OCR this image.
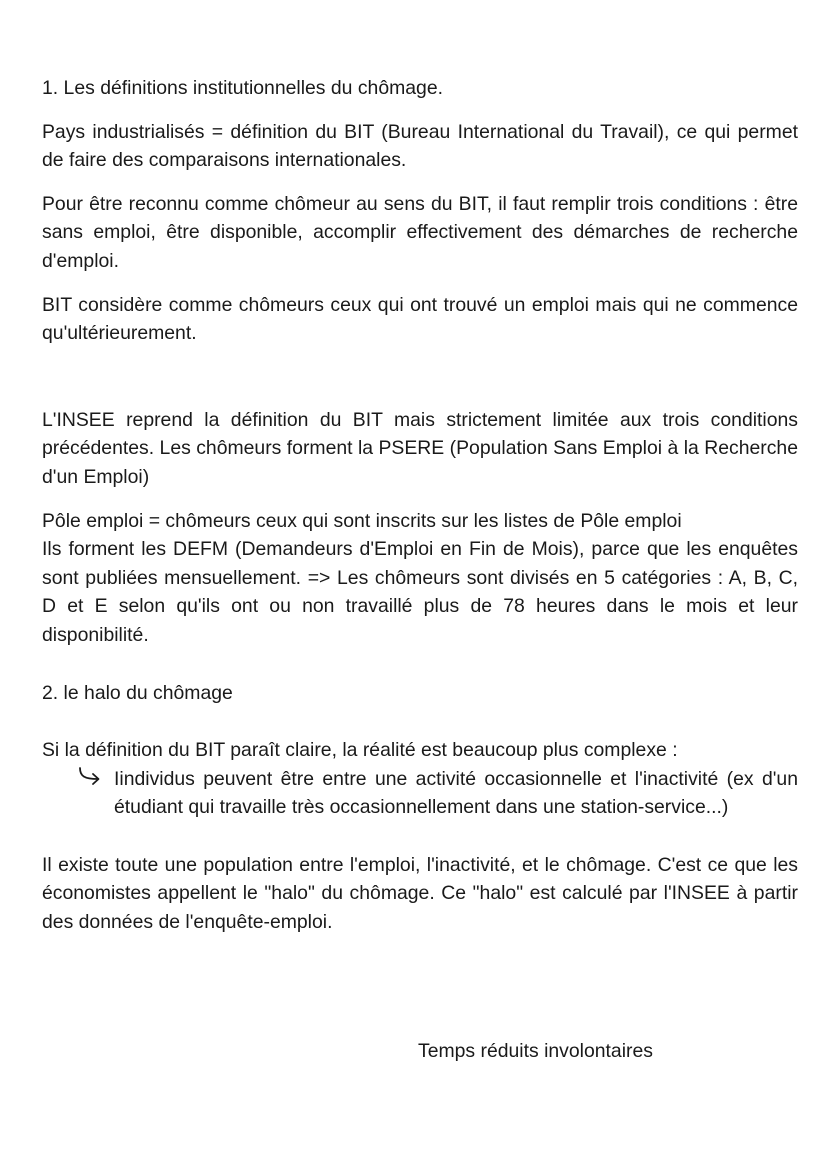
1. Les définitions institutionnelles du chômage.

Pays industrialisés = définition du BIT (Bureau International du Travail), ce qui permet de faire des comparaisons internationales.

Pour être reconnu comme chômeur au sens du BIT, il faut remplir trois conditions : être sans emploi, être disponible, accomplir effectivement des démarches de recherche d'emploi.

BIT considère comme chômeurs ceux qui ont trouvé un emploi mais qui ne commence qu'ultérieurement.

L'INSEE reprend la définition du BIT mais strictement limitée aux trois conditions précédentes. Les chômeurs forment la PSERE (Population Sans Emploi à la Recherche d'un Emploi)

Pôle emploi = chômeurs ceux qui sont inscrits sur les listes de Pôle emploi

Ils forment les DEFM (Demandeurs d'Emploi en Fin de Mois), parce que les enquêtes sont publiées mensuellement. => Les chômeurs sont divisés en 5 catégories : A, B, C, D et E selon qu'ils ont ou non travaillé plus de 78 heures dans le mois et leur disponibilité.

2. le halo du chômage

Si la définition du BIT paraît claire, la réalité est beaucoup plus complexe :

Iindividus peuvent être entre une activité occasionnelle et l'inactivité (ex d'un étudiant qui travaille très occasionnellement dans une station-service...)

Il existe toute une population entre l'emploi, l'inactivité, et le chômage. C'est ce que les économistes appellent le "halo" du chômage. Ce "halo" est calculé par l'INSEE à partir des données de l'enquête-emploi.

Temps réduits involontaires
